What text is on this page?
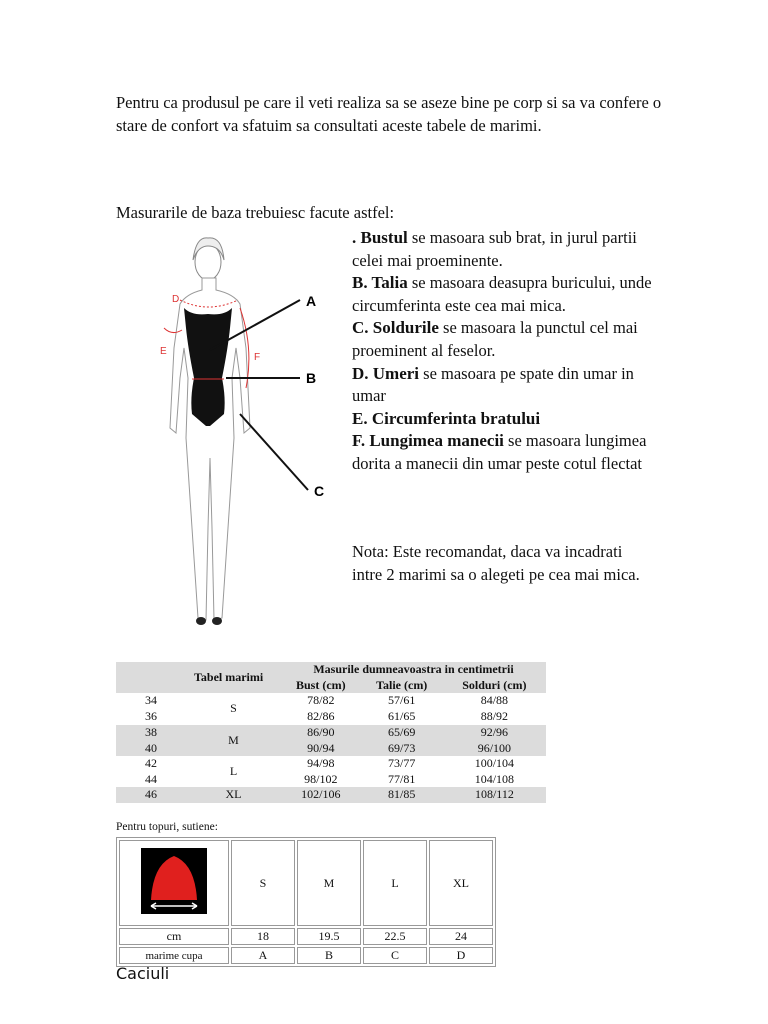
Pentru ca produsul pe care il veti realiza sa se aseze bine pe corp si sa va confere o stare de confort va sfatuim sa consultati aceste tabele de marimi.
Masurarile de baza trebuiesc facute astfel:
A
B
C
D
E
F

. Bustul se masoara sub brat, in jurul partii celei mai proeminente.

B. Talia se masoara deasupra buricului, unde circumferinta este cea mai mica.

C. Soldurile se masoara la punctul cel mai proeminent al feselor.

D. Umeri se masoara pe spate din umar in umar

E. Circumferinta bratului

F. Lungimea manecii se masoara lungimea dorita a manecii din umar peste cotul flectat

Nota: Este recomandat, daca va incadrati intre 2 marimi sa o alegeti pe cea mai mica.
	Tabel marimi	Masurile dumneavoastra in centimetrii		
		Bust (cm)	Talie (cm)	Solduri (cm)
34	S	78/82	57/61	84/88
36		82/86	61/65	88/92
38	M	86/90	65/69	92/96
40		90/94	69/73	96/100
42	L	94/98	73/77	100/104
44		98/102	77/81	104/108
46	XL	102/106	81/85	108/112
Pentru topuri, sutiene:
	S	M	L	XL
cm	18	19.5	22.5	24
marime cupa	A	B	C	D
Caciuli
